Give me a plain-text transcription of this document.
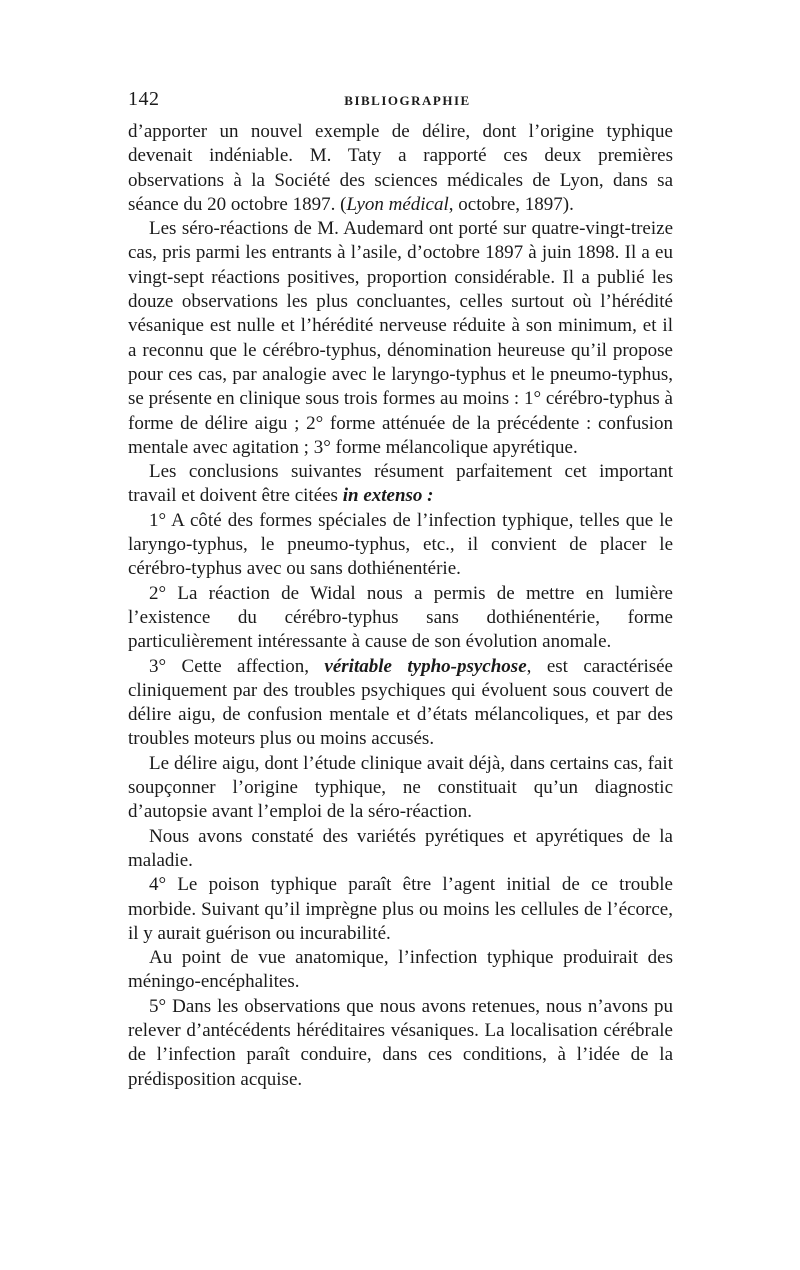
142	BIBLIOGRAPHIE

d’apporter un nouvel exemple de délire, dont l’origine typhique devenait indéniable. M. Taty a rapporté ces deux premières observations à la Société des sciences médicales de Lyon, dans sa séance du 20 octobre 1897. (Lyon médical, octobre, 1897).

Les séro-réactions de M. Audemard ont porté sur quatre-vingt-treize cas, pris parmi les entrants à l’asile, d’octobre 1897 à juin 1898. Il a eu vingt-sept réactions positives, proportion considérable. Il a publié les douze observations les plus concluantes, celles surtout où l’hérédité vésanique est nulle et l’hérédité nerveuse réduite à son minimum, et il a reconnu que le cérébro-typhus, dénomination heureuse qu’il propose pour ces cas, par analogie avec le laryngo-typhus et le pneumo-typhus, se présente en clinique sous trois formes au moins : 1° cérébro-typhus à forme de délire aigu ; 2° forme atténuée de la précédente : confusion mentale avec agitation ; 3° forme mélancolique apyrétique.

Les conclusions suivantes résument parfaitement cet important travail et doivent être citées in extenso :

1° A côté des formes spéciales de l’infection typhique, telles que le laryngo-typhus, le pneumo-typhus, etc., il convient de placer le cérébro-typhus avec ou sans dothiénentérie.

2° La réaction de Widal nous a permis de mettre en lumière l’existence du cérébro-typhus sans dothiénentérie, forme particulièrement intéressante à cause de son évolution anomale.

3° Cette affection, véritable typho-psychose, est caractérisée cliniquement par des troubles psychiques qui évoluent sous couvert de délire aigu, de confusion mentale et d’états mélancoliques, et par des troubles moteurs plus ou moins accusés.

Le délire aigu, dont l’étude clinique avait déjà, dans certains cas, fait soupçonner l’origine typhique, ne constituait qu’un diagnostic d’autopsie avant l’emploi de la séro-réaction.

Nous avons constaté des variétés pyrétiques et apyrétiques de la maladie.

4° Le poison typhique paraît être l’agent initial de ce trouble morbide. Suivant qu’il imprègne plus ou moins les cellules de l’écorce, il y aurait guérison ou incurabilité.

Au point de vue anatomique, l’infection typhique produirait des méningo-encéphalites.

5° Dans les observations que nous avons retenues, nous n’avons pu relever d’antécédents héréditaires vésaniques. La localisation cérébrale de l’infection paraît conduire, dans ces conditions, à l’idée de la prédisposition acquise.
